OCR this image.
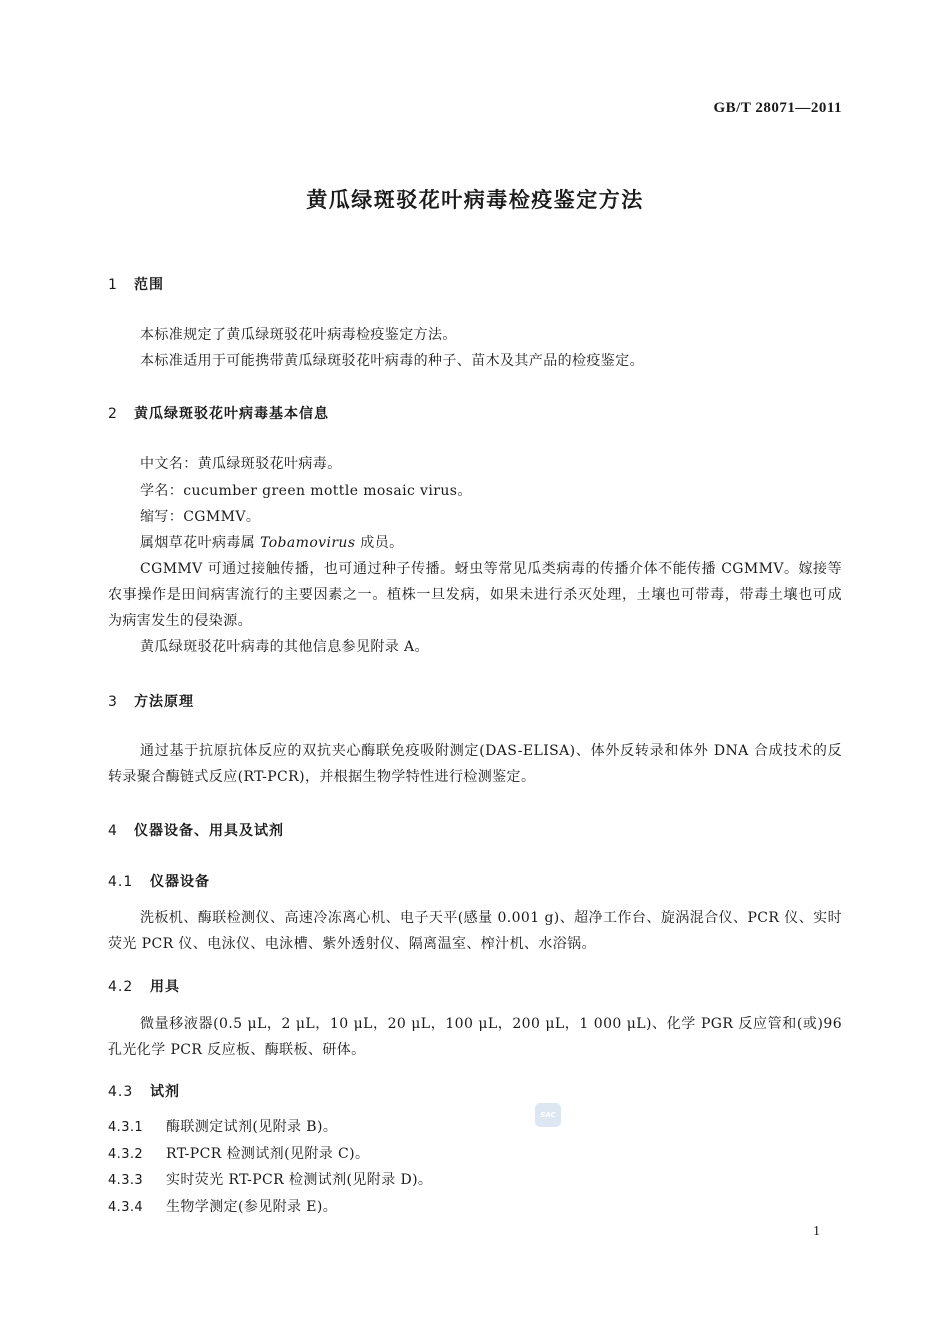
GB/T 28071—2011
黄瓜绿斑驳花叶病毒检疫鉴定方法
1 范围
本标准规定了黄瓜绿斑驳花叶病毒检疫鉴定方法。
本标准适用于可能携带黄瓜绿斑驳花叶病毒的种子、苗木及其产品的检疫鉴定。
2 黄瓜绿斑驳花叶病毒基本信息
中文名：黄瓜绿斑驳花叶病毒。
学名：cucumber green mottle mosaic virus。
缩写：CGMMV。
属烟草花叶病毒属 Tobamovirus 成员。
CGMMV 可通过接触传播，也可通过种子传播。蚜虫等常见瓜类病毒的传播介体不能传播 CGMMV。嫁接等农事操作是田间病害流行的主要因素之一。植株一旦发病，如果未进行杀灭处理，土壤也可带毒，带毒土壤也可成为病害发生的侵染源。
黄瓜绿斑驳花叶病毒的其他信息参见附录 A。
3 方法原理
通过基于抗原抗体反应的双抗夹心酶联免疫吸附测定(DAS-ELISA)、体外反转录和体外 DNA 合成技术的反转录聚合酶链式反应(RT-PCR)，并根据生物学特性进行检测鉴定。
4 仪器设备、用具及试剂
4.1 仪器设备
洗板机、酶联检测仪、高速冷冻离心机、电子天平(感量 0.001 g)、超净工作台、旋涡混合仪、PCR 仪、实时荧光 PCR 仪、电泳仪、电泳槽、紫外透射仪、隔离温室、榨汁机、水浴锅。
4.2 用具
微量移液器(0.5 μL，2 μL，10 μL，20 μL，100 μL，200 μL，1 000 μL)、化学 PGR 反应管和(或)96 孔光化学 PCR 反应板、酶联板、研体。
4.3 试剂
4.3.1 酶联测定试剂(见附录 B)。
4.3.2 RT-PCR 检测试剂(见附录 C)。
4.3.3 实时荧光 RT-PCR 检测试剂(见附录 D)。
4.3.4 生物学测定(参见附录 E)。
SAC
1
